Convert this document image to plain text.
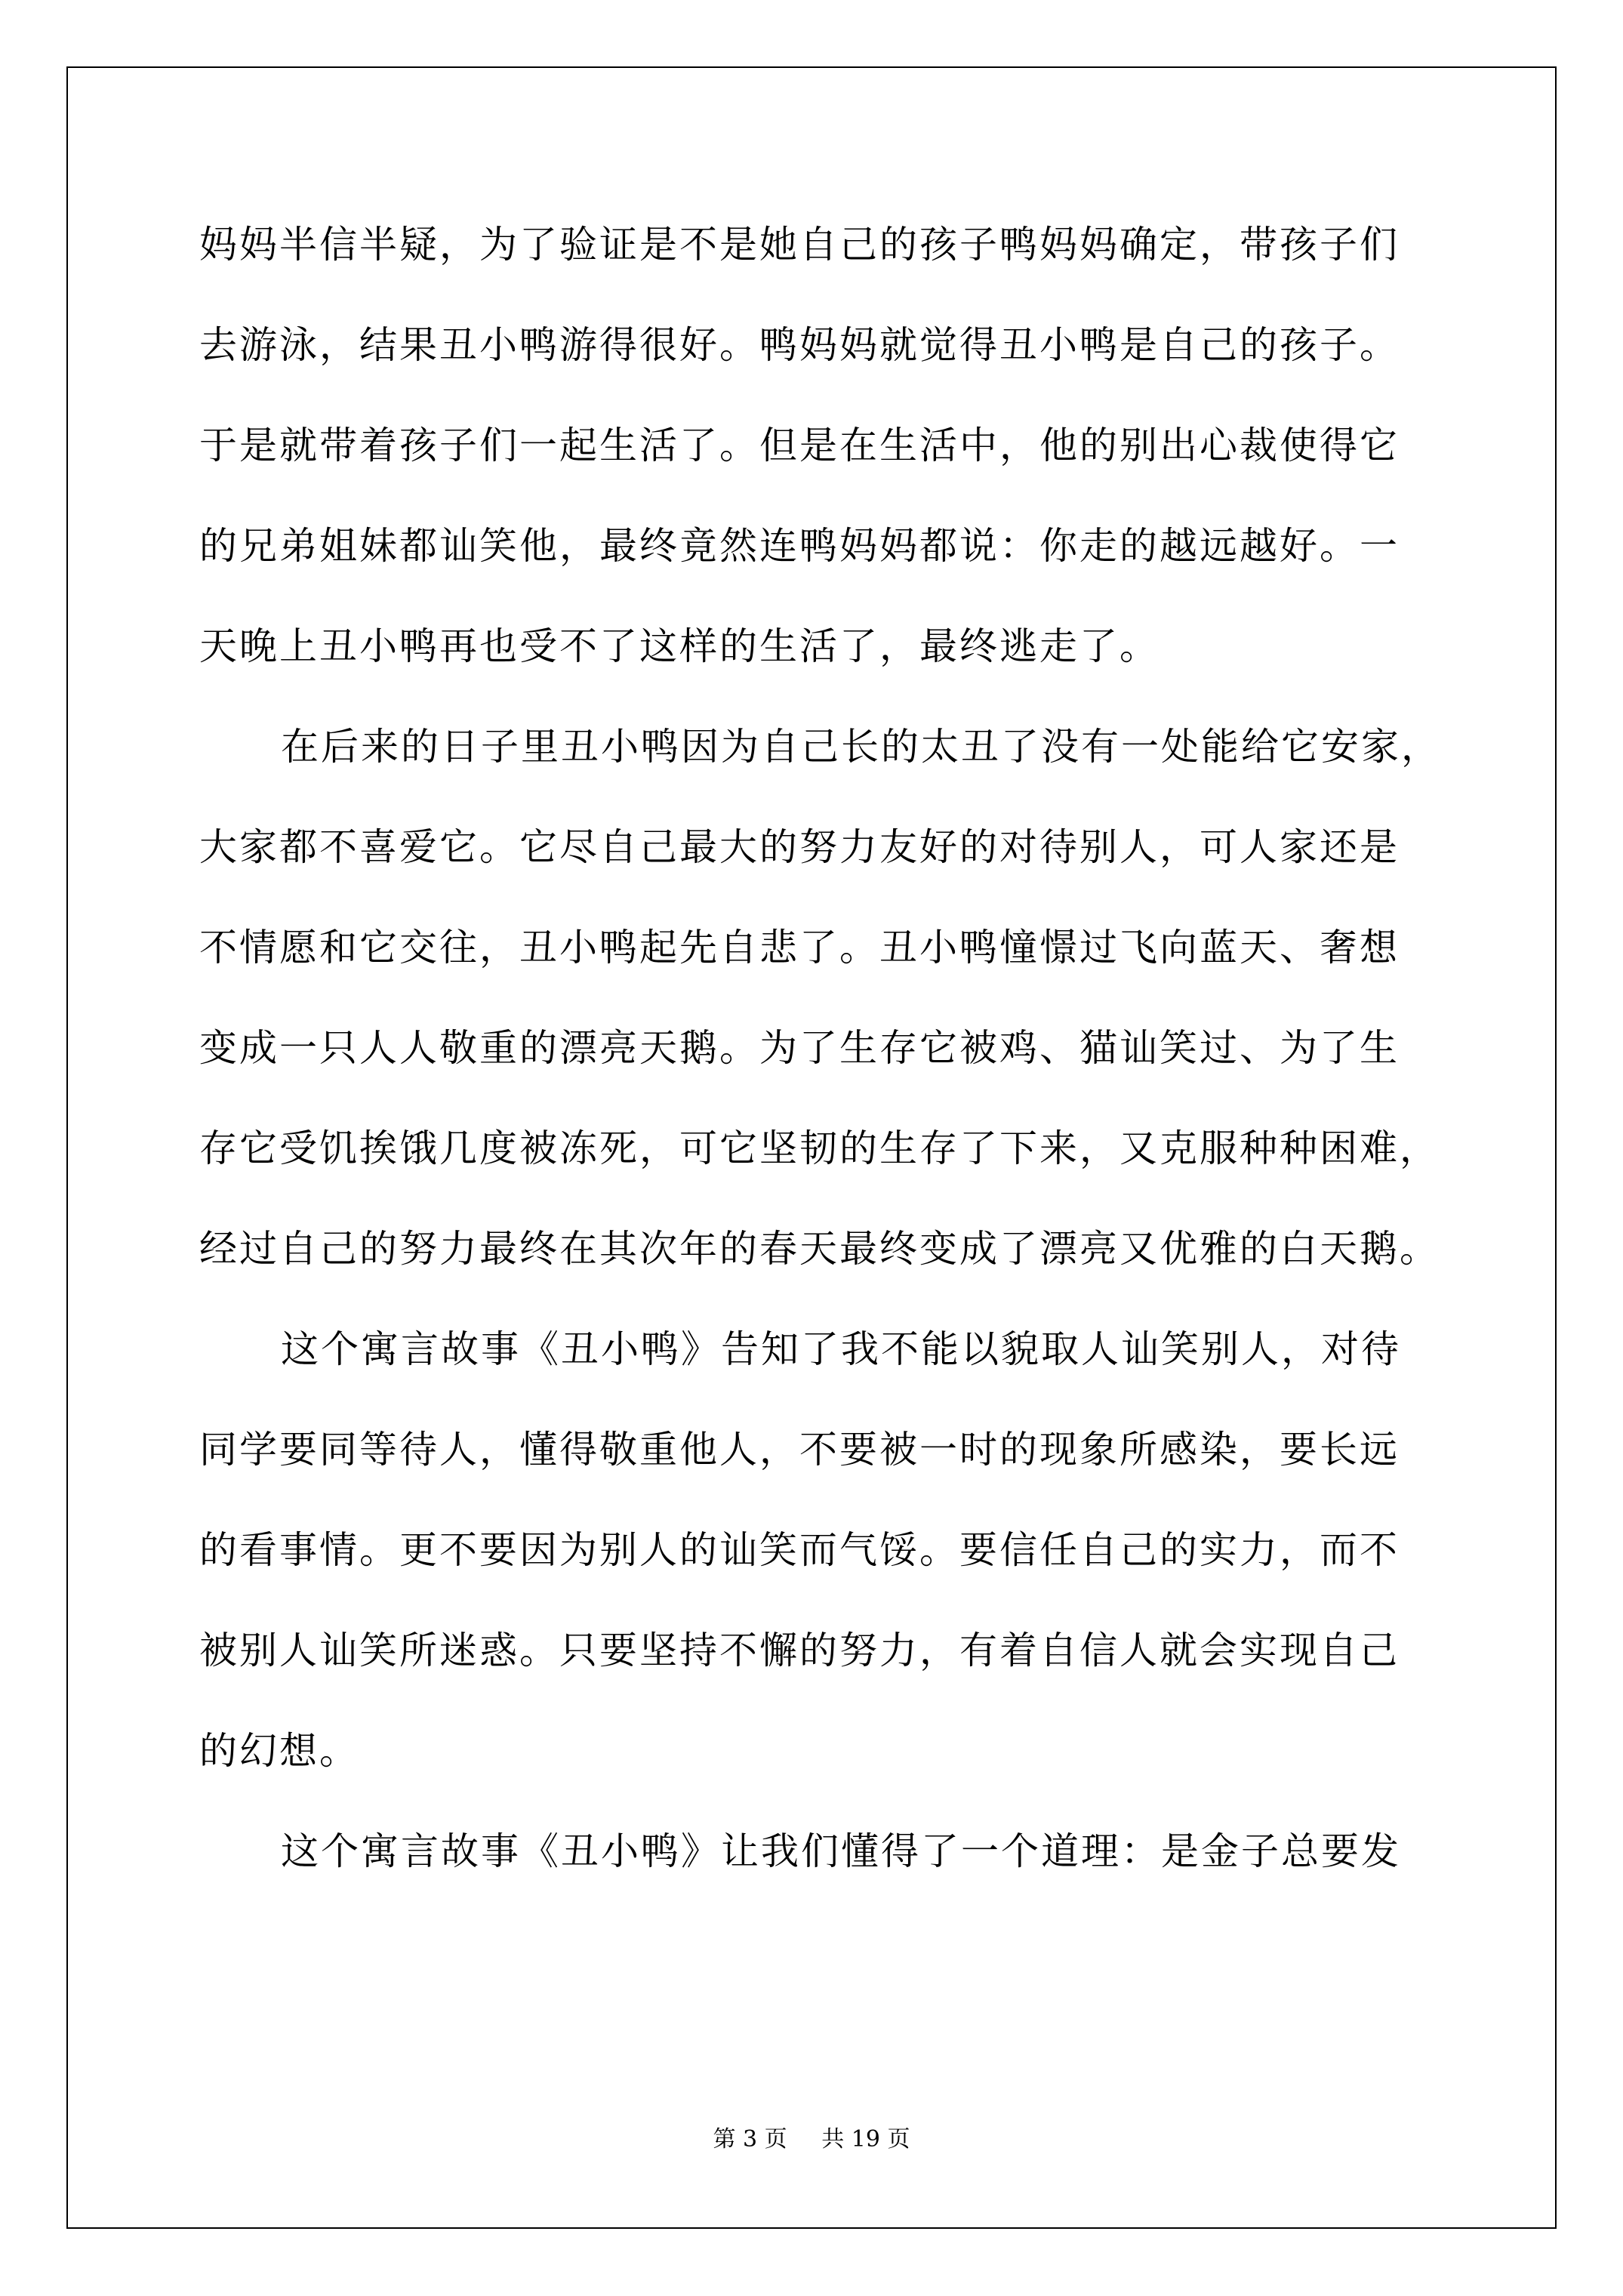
妈妈半信半疑，为了验证是不是她自己的孩子鸭妈妈确定，带孩子们
去游泳，结果丑小鸭游得很好。鸭妈妈就觉得丑小鸭是自己的孩子。
于是就带着孩子们一起生活了。但是在生活中，他的别出心裁使得它
的兄弟姐妹都讪笑他，最终竟然连鸭妈妈都说：你走的越远越好。一
天晚上丑小鸭再也受不了这样的生活了，最终逃走了。
在后来的日子里丑小鸭因为自己长的太丑了没有一处能给它安家，
大家都不喜爱它。它尽自己最大的努力友好的对待别人，可人家还是
不情愿和它交往，丑小鸭起先自悲了。丑小鸭憧憬过飞向蓝天、奢想
变成一只人人敬重的漂亮天鹅。为了生存它被鸡、猫讪笑过、为了生
存它受饥挨饿几度被冻死，可它坚韧的生存了下来，又克服种种困难，
经过自己的努力最终在其次年的春天最终变成了漂亮又优雅的白天鹅。
这个寓言故事《丑小鸭》告知了我不能以貌取人讪笑别人，对待
同学要同等待人，懂得敬重他人，不要被一时的现象所感染，要长远
的看事情。更不要因为别人的讪笑而气馁。要信任自己的实力，而不
被别人讪笑所迷惑。只要坚持不懈的努力，有着自信人就会实现自己
的幻想。
这个寓言故事《丑小鸭》让我们懂得了一个道理：是金子总要发
第 3 页 共 19 页
